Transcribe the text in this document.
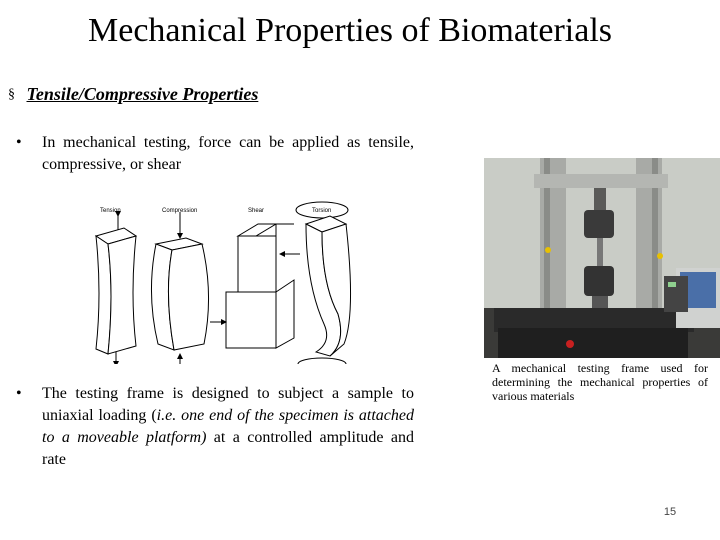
Mechanical Properties of Biomaterials
§ Tensile/Compressive Properties
• In mechanical testing, force can be applied as tensile, compressive, or shear
Tension	Compression	Shear	Torsion
A mechanical testing frame used for determining the mechanical properties of various materials
• The testing frame is designed to subject a sample to uniaxial loading (i.e. one end of the specimen is attached to a moveable platform) at a controlled amplitude and rate
15
